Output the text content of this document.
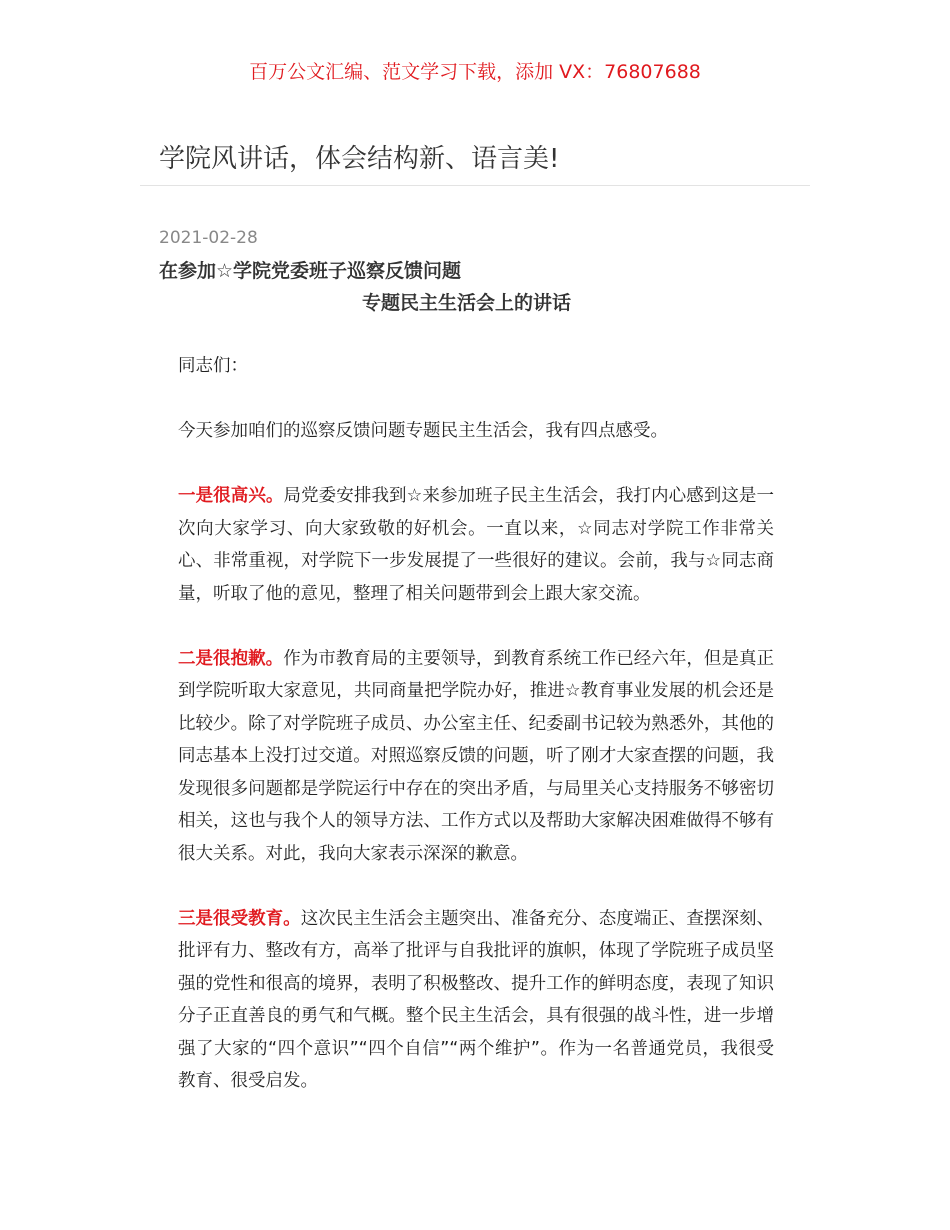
百万公文汇编、范文学习下载，添加 VX：76807688
学院风讲话，体会结构新、语言美!
2021-02-28
在参加☆学院党委班子巡察反馈问题
专题民主生活会上的讲话

同志们：

今天参加咱们的巡察反馈问题专题民主生活会，我有四点感受。

一是很高兴。局党委安排我到☆来参加班子民主生活会，我打内心感到这是一次向大家学习、向大家致敬的好机会。一直以来，☆同志对学院工作非常关心、非常重视，对学院下一步发展提了一些很好的建议。会前，我与☆同志商量，听取了他的意见，整理了相关问题带到会上跟大家交流。

二是很抱歉。作为市教育局的主要领导，到教育系统工作已经六年，但是真正到学院听取大家意见，共同商量把学院办好，推进☆教育事业发展的机会还是比较少。除了对学院班子成员、办公室主任、纪委副书记较为熟悉外，其他的同志基本上没打过交道。对照巡察反馈的问题，听了刚才大家查摆的问题，我发现很多问题都是学院运行中存在的突出矛盾，与局里关心支持服务不够密切相关，这也与我个人的领导方法、工作方式以及帮助大家解决困难做得不够有很大关系。对此，我向大家表示深深的歉意。

三是很受教育。这次民主生活会主题突出、准备充分、态度端正、查摆深刻、批评有力、整改有方，高举了批评与自我批评的旗帜，体现了学院班子成员坚强的党性和很高的境界，表明了积极整改、提升工作的鲜明态度，表现了知识分子正直善良的勇气和气概。整个民主生活会，具有很强的战斗性，进一步增强了大家的“四个意识”“四个自信”“两个维护”。作为一名普通党员，我很受教育、很受启发。
